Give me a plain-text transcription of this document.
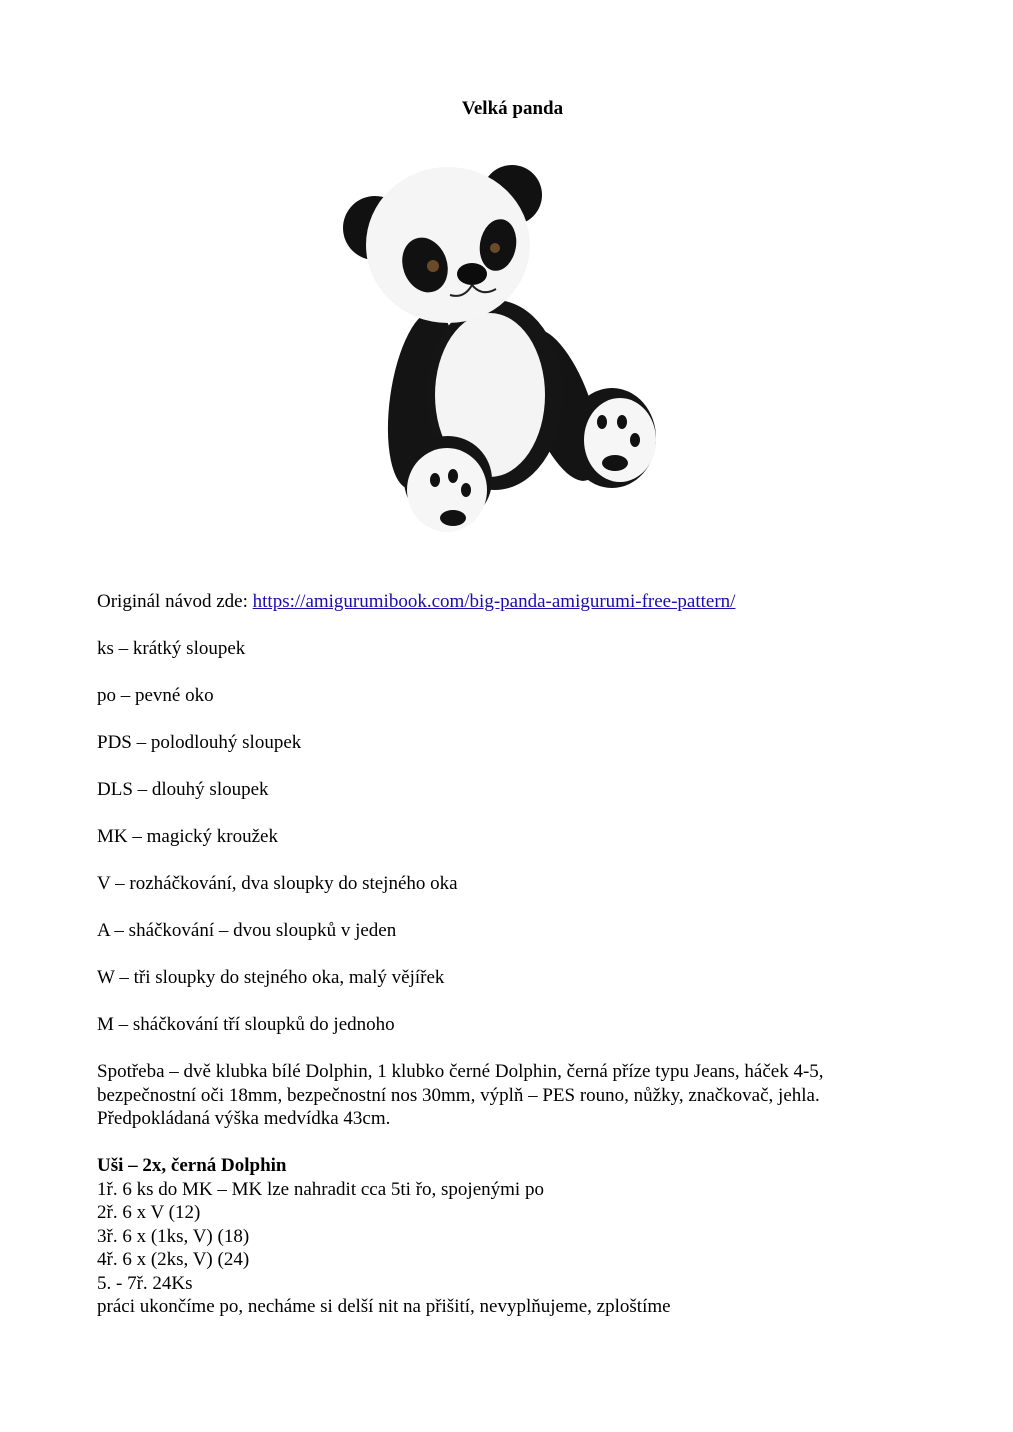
Velká panda
Originál návod zde: https://amigurumibook.com/big-panda-amigurumi-free-pattern/
ks – krátký sloupek
po – pevné oko
PDS – polodlouhý sloupek
DLS – dlouhý sloupek
MK – magický kroužek
V – rozháčkování, dva sloupky do stejného oka
A – sháčkování – dvou sloupků v jeden
W – tři sloupky do stejného oka, malý vějířek
M – sháčkování tří sloupků do jednoho
Spotřeba – dvě klubka bílé Dolphin, 1 klubko černé Dolphin, černá příze typu Jeans, háček 4-5,
bezpečnostní oči 18mm, bezpečnostní nos 30mm, výplň – PES rouno, nůžky, značkovač, jehla.
Předpokládaná výška medvídka 43cm.
Uši – 2x, černá Dolphin
1ř. 6 ks do MK – MK lze nahradit cca 5ti řo, spojenými po
2ř. 6 x V (12)
3ř. 6 x (1ks, V) (18)
4ř. 6 x (2ks, V) (24)
5. - 7ř. 24Ks
práci ukončíme po, necháme si delší nit na přišití, nevyplňujeme, zploštíme
